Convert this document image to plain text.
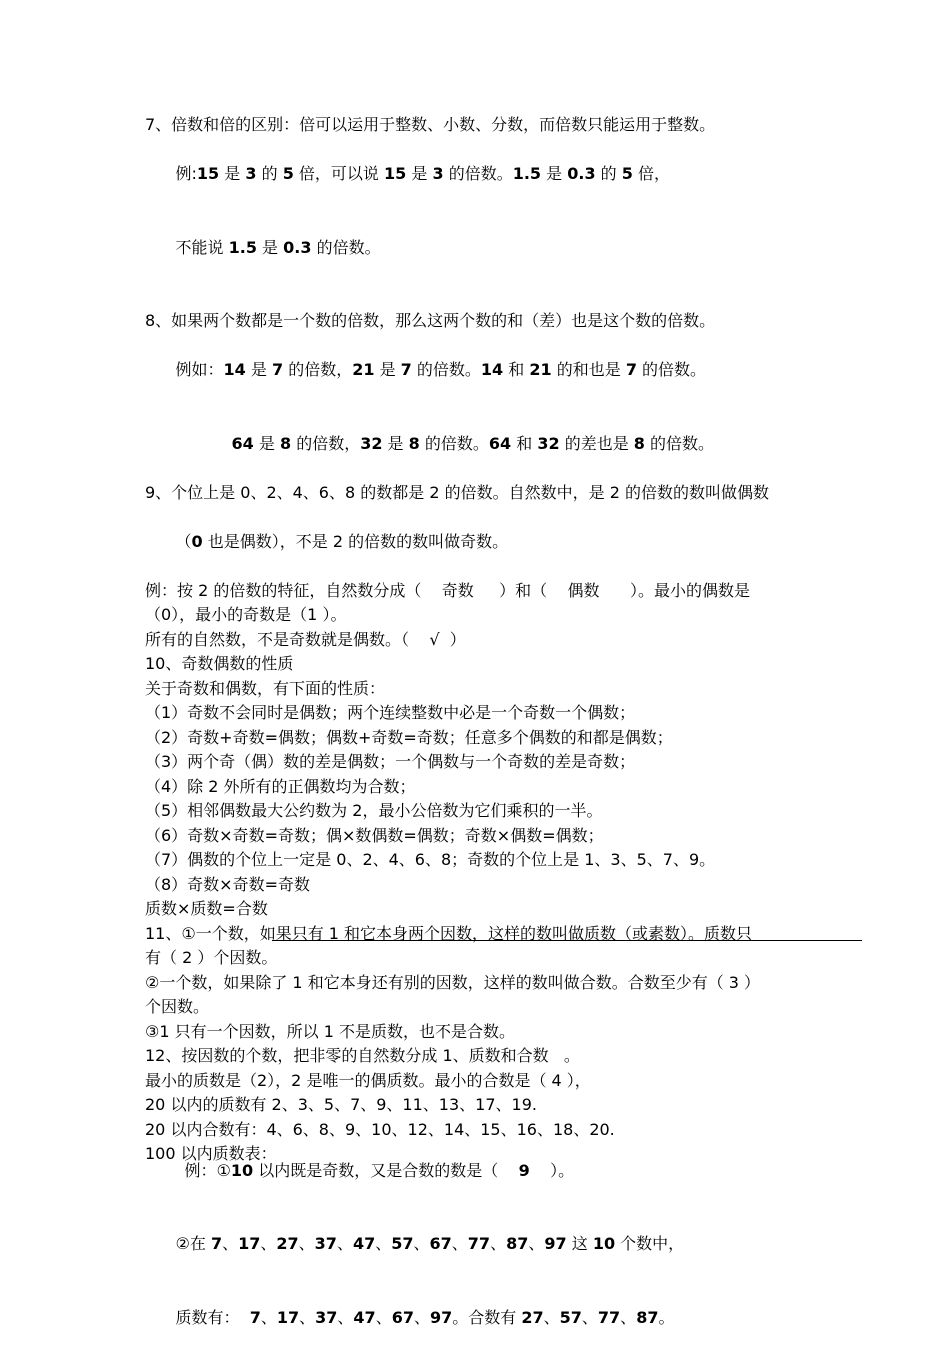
7、倍数和倍的区别：倍可以运用于整数、小数、分数，而倍数只能运用于整数。

例:15 是 3 的 5 倍，可以说 15 是 3 的倍数。1.5 是 0.3 的 5 倍，

不能说 1.5 是 0.3 的倍数。

8、如果两个数都是一个数的倍数，那么这两个数的和（差）也是这个数的倍数。

例如：14 是 7 的倍数，21 是 7 的倍数。14 和 21 的和也是 7 的倍数。

64 是 8 的倍数，32 是 8 的倍数。64 和 32 的差也是 8 的倍数。

9、个位上是 0、2、4、6、8 的数都是 2 的倍数。自然数中，是 2 的倍数的数叫做偶数

（0 也是偶数），不是 2 的倍数的数叫做奇数。

例：按 2 的倍数的特征，自然数分成（    奇数     ）和（    偶数      ）。最小的偶数是
（0），最小的奇数是（1 ）。
所有的自然数，不是奇数就是偶数。（    √  ）
10、奇数偶数的性质
关于奇数和偶数，有下面的性质：
（1）奇数不会同时是偶数；两个连续整数中必是一个奇数一个偶数；
（2）奇数+奇数=偶数；偶数+奇数=奇数；任意多个偶数的和都是偶数；
（3）两个奇（偶）数的差是偶数；一个偶数与一个奇数的差是奇数；
（4）除 2 外所有的正偶数均为合数；
（5）相邻偶数最大公约数为 2，最小公倍数为它们乘积的一半。
（6）奇数×奇数=奇数；偶×数偶数=偶数；奇数×偶数=偶数；
（7）偶数的个位上一定是 0、2、4、6、8；奇数的个位上是 1、3、5、7、9。
（8）奇数×奇数=奇数
质数×质数=合数
11、①一个数，如果只有 1 和它本身两个因数，这样的数叫做质数（或素数）。质数只
有（ 2 ）个因数。
②一个数，如果除了 1 和它本身还有别的因数，这样的数叫做合数。合数至少有（ 3 ）
个因数。
③1 只有一个因数，所以 1 不是质数，也不是合数。
12、按因数的个数，把非零的自然数分成 1、质数和合数   。
最小的质数是（2），2 是唯一的偶质数。最小的合数是（ 4 ），
20 以内的质数有 2、3、5、7、9、11、13、17、19.
20 以内合数有：4、6、8、9、10、12、14、15、16、18、20.
100 以内质数表：

例：①10 以内既是奇数，又是合数的数是（    9    ）。

②在 7、17、27、37、47、57、67、77、87、97 这 10 个数中，

质数有：  7、17、37、47、67、97。合数有 27、57、77、87。
